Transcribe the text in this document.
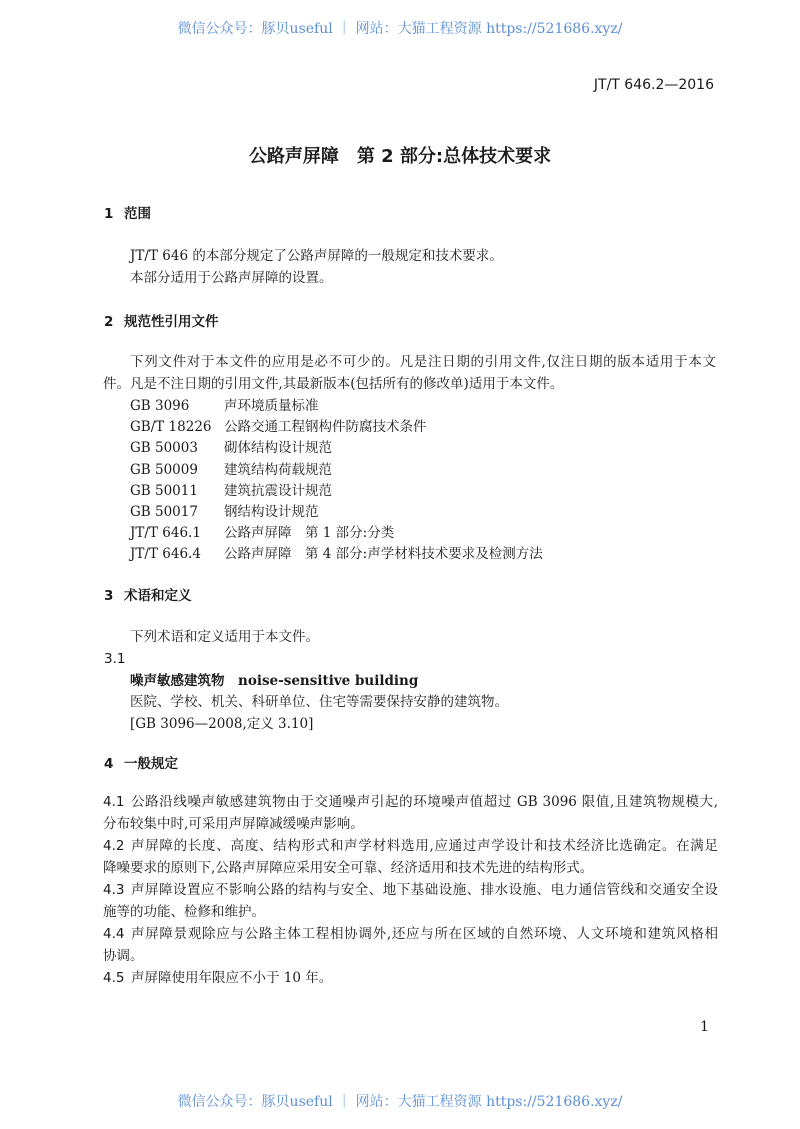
微信公众号：豚贝useful ｜ 网站：大猫工程资源 https://521686.xyz/
JT/T 646.2—2016
公路声屏障　第 2 部分:总体技术要求
1 范围
JT/T 646 的本部分规定了公路声屏障的一般规定和技术要求。
本部分适用于公路声屏障的设置。
2 规范性引用文件
下列文件对于本文件的应用是必不可少的。凡是注日期的引用文件,仅注日期的版本适用于本文
件。凡是不注日期的引用文件,其最新版本(包括所有的修改单)适用于本文件。
GB 3096	声环境质量标准
GB/T 18226 公路交通工程钢构件防腐技术条件
GB 50003 砌体结构设计规范
GB 50009 建筑结构荷载规范
GB 50011 建筑抗震设计规范
GB 50017 钢结构设计规范
JT/T 646.1 公路声屏障　第 1 部分:分类
JT/T 646.4 公路声屏障　第 4 部分:声学材料技术要求及检测方法
3 术语和定义
下列术语和定义适用于本文件。
3.1
噪声敏感建筑物　noise-sensitive building
医院、学校、机关、科研单位、住宅等需要保持安静的建筑物。
[GB 3096—2008,定义 3.10]
4 一般规定
4.1 公路沿线噪声敏感建筑物由于交通噪声引起的环境噪声值超过 GB 3096 限值,且建筑物规模大,
分布较集中时,可采用声屏障减缓噪声影响。
4.2 声屏障的长度、高度、结构形式和声学材料选用,应通过声学设计和技术经济比选确定。在满足
降噪要求的原则下,公路声屏障应采用安全可靠、经济适用和技术先进的结构形式。
4.3 声屏障设置应不影响公路的结构与安全、地下基础设施、排水设施、电力通信管线和交通安全设
施等的功能、检修和维护。
4.4 声屏障景观除应与公路主体工程相协调外,还应与所在区域的自然环境、人文环境和建筑风格相
协调。
4.5 声屏障使用年限应不小于 10 年。
1
微信公众号：豚贝useful ｜ 网站：大猫工程资源 https://521686.xyz/
